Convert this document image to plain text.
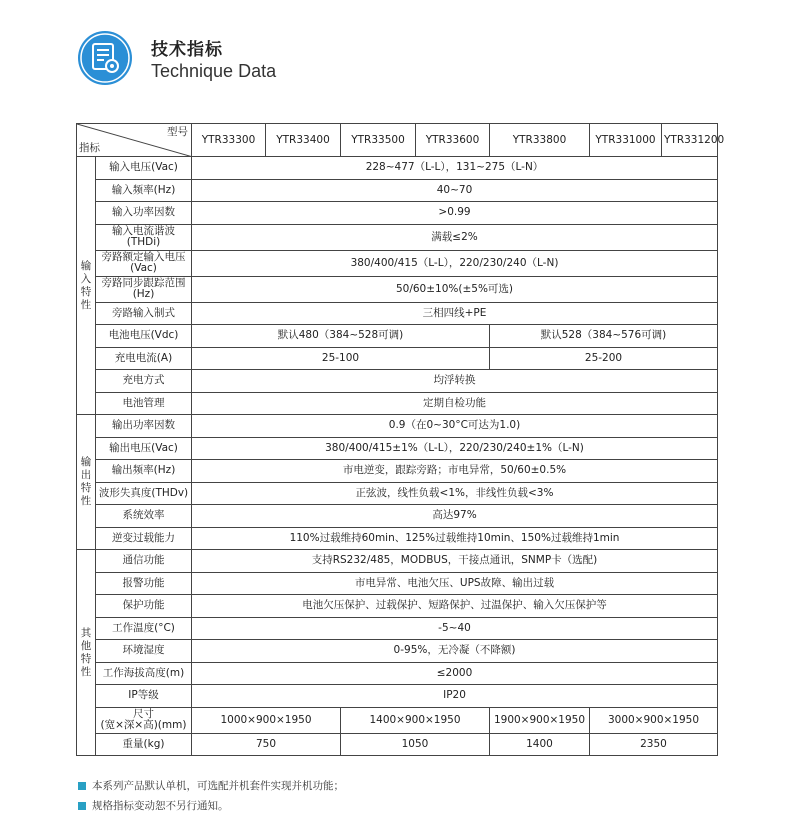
技术指标
Technique Data
型号
指标		YTR33300	YTR33400	YTR33500	YTR33600	YTR33800	YTR331000	YTR331200
输
入
特
性	输入电压(Vac)	228~477（L-L），131~275（L-N）						
	输入频率(Hz)	40~70						
	输入功率因数	>0.99						
	输入电流谐波
(THDi)	满载≤2%						
	旁路额定输入电压
(Vac)	380/400/415（L-L），220/230/240（L-N)						
	旁路同步跟踪范围
(Hz)	50/60±10%(±5%可选)						
	旁路输入制式	三相四线+PE						
	电池电压(Vdc)	默认480（384~528可调)				默认528（384~576可调)		
	充电电流(A)	25-100				25-200		
	充电方式	均浮转换						
	电池管理	定期自检功能						
输
出
特
性	输出功率因数	0.9（在0~30°C可达为1.0)						
	输出电压(Vac)	380/400/415±1%（L-L），220/230/240±1%（L-N)						
	输出频率(Hz)	市电逆变，跟踪旁路；市电异常，50/60±0.5%						
	波形失真度(THDv)	正弦波，线性负载<1%，非线性负载<3%						
	系统效率	高达97%						
	逆变过载能力	110%过载维持60min、125%过载维持10min、150%过载维持1min						
其
他
特
性	通信功能	支持RS232/485，MODBUS，干接点通讯，SNMP卡（选配)						
	报警功能	市电异常、电池欠压、UPS故障、输出过载						
	保护功能	电池欠压保护、过载保护、短路保护、过温保护、输入欠压保护等						
	工作温度(°C)	-5~40						
	环境湿度	0-95%，无冷凝（不降额)						
	工作海拔高度(m)	≤2000						
	IP等级	IP20						
	尺寸
(宽×深×高)(mm)	1000×900×1950		1400×900×1950		1900×900×1950	3000×900×1950	
	重量(kg)	750		1050		1400	2350	
本系列产品默认单机，可选配并机套件实现并机功能；
规格指标变动恕不另行通知。
